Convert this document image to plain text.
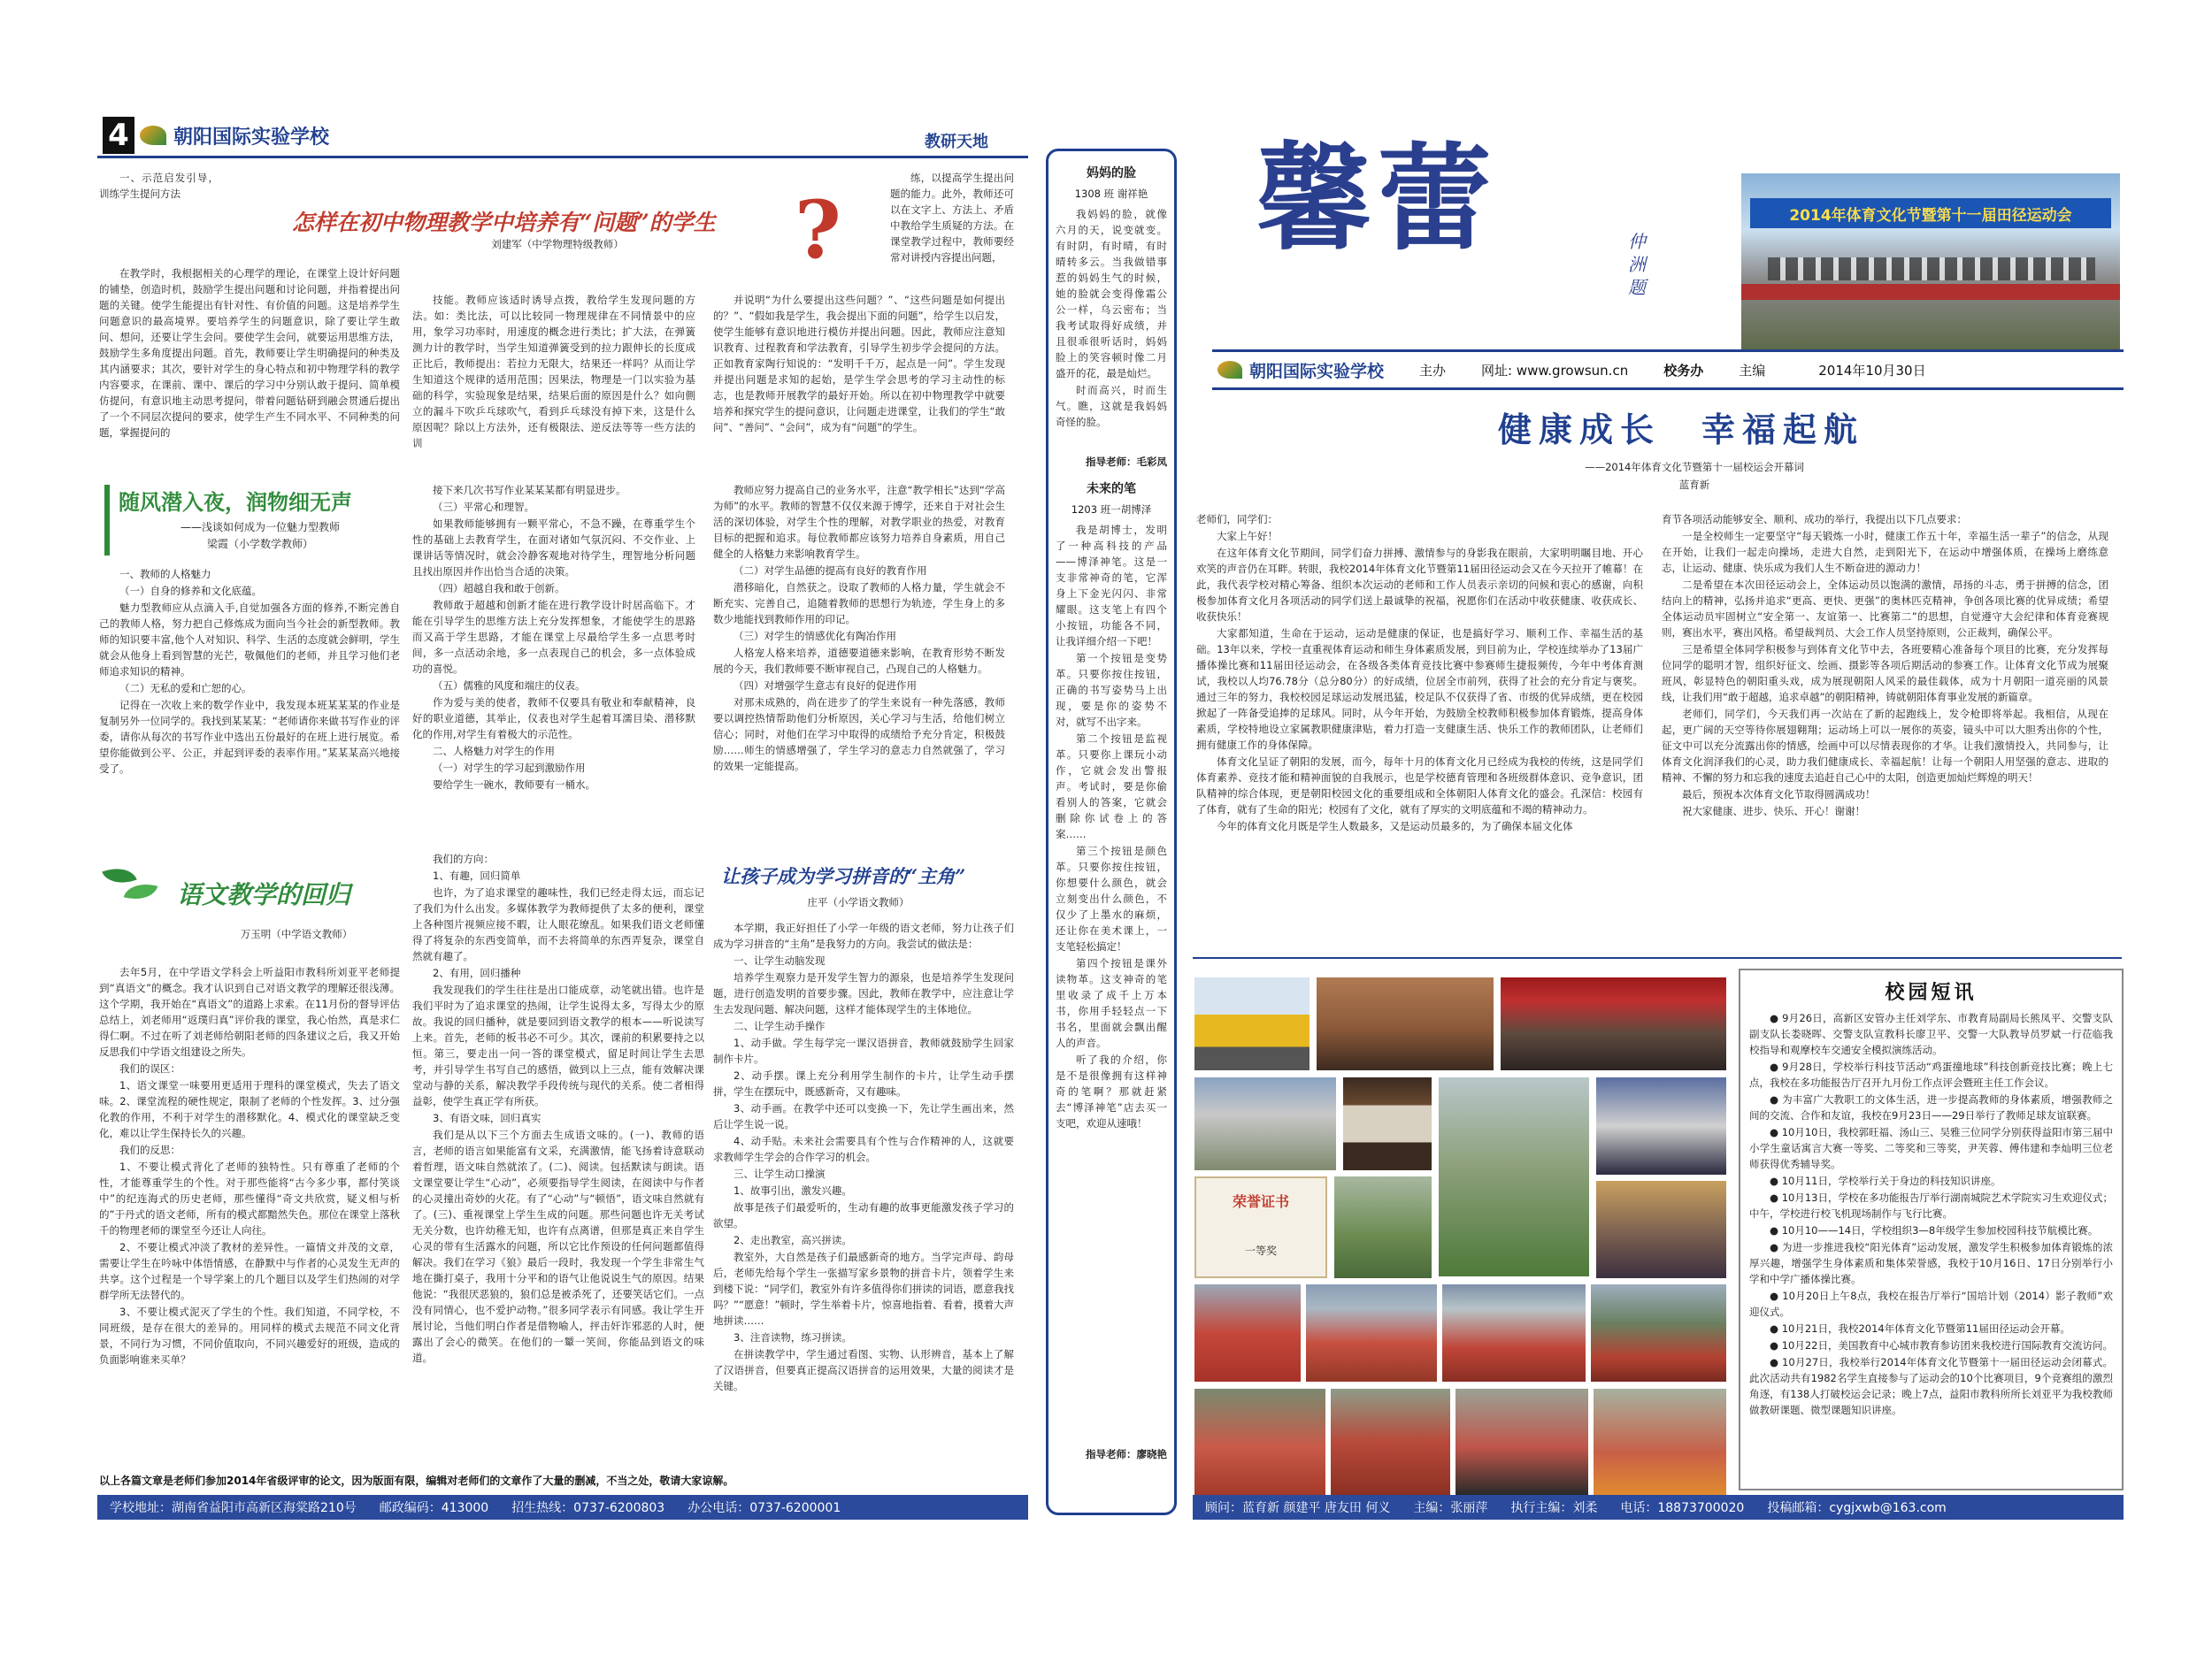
4 朝阳国际实验学校	教研天地

一、示范启发引导，训练学生提问方法

怎样在初中物理教学中培养有“问题”的学生 ?
刘建军（中学物理特级教师）

在教学时，我根据相关的心理学的理论，在课堂上设计好问题的铺垫，创造时机，鼓励学生提出问题和讨论问题，并指着提出问题的关键。使学生能提出有针对性、有价值的问题。这是培养学生问题意识的最高境界。要培养学生的问题意识，除了要让学生敢问、想问，还要让学生会问。要使学生会问，就要运用思维方法，鼓励学生多角度提出问题。首先，教师要让学生明确提问的种类及其内涵要求；其次，要针对学生的身心特点和初中物理学科的教学内容要求，在课前、课中、课后的学习中分别认敢于提问、简单模仿提问，有意识地主动思考提问，带着问题钻研到融会贯通后提出了一个不同层次提问的要求，使学生产生不同水平、不同种类的问题，掌握提问的

技能。教师应该适时诱导点拨，教给学生发现问题的方法。如：类比法，可以比较同一物理规律在不同情景中的应用，象学习功率时，用速度的概念进行类比；扩大法，在弹簧测力计的教学时，当学生知道弹簧受到的拉力跟伸长的长度成正比后，教师提出：若拉力无限大，结果还一样吗？从而让学生知道这个规律的适用范围；因果法，物理是一门以实验为基础的科学，实验现象是结果，结果后面的原因是什么？如向側立的漏斗下吹乒乓球吹气，看到乒乓球没有掉下来，这是什么原因呢？除以上方法外，还有极限法、逆反法等等一些方法的训

并说明“为什么要提出这些问题？”、“这些问题是如何提出的？”、“假如我是学生，我会提出下面的问题”，给学生以启发，使学生能够有意识地进行模仿并提出问题。因此，教师应注意知识教育、过程教育和学法教育，引导学生初步学会提问的方法。正如教育家陶行知说的：“发明千千万，起点是一问”。学生发现并提出问题是求知的起始，是学生学会思考的学习主动性的标志，也是教师开展教学的最好开始。所以在初中物理教学中就要培养和探究学生的提问意识，让问题走进课堂，让我们的学生“敢问”、“善问”、“会问”，成为有“问题”的学生。

练，以提高学生提出问题的能力。此外，教师还可以在文字上、方法上、矛盾中教给学生质疑的方法。在课堂教学过程中，教师要经常对讲授内容提出问题，

随风潜入夜，润物细无声
——浅谈如何成为一位魅力型教师
梁霞（小学数学教师）

一、教师的人格魅力

（一）自身的修养和文化底蕴。

魅力型教师应从点滴入手,自觉加强各方面的修养,不断完善自己的教师人格，努力把自己修炼成为面向当今社会的新型教师。教师的知识要丰富,他个人对知识、科学、生活的态度就会鲜明，学生就会从他身上看到智慧的光芒，敬佩他们的老师，并且学习他们老师追求知识的精神。

（二）无私的爱和亡恕的心。

记得在一次收上来的数学作业中，我发现本班某某某的作业是复制另外一位同学的。我找到某某某：“老师请你来做书写作业的评委，请你从每次的书写作业中选出五份最好的在班上进行展览。希望你能做到公平、公正，并起到评委的表率作用。”某某某高兴地接受了。

接下来几次书写作业某某某都有明显进步。

（三）平常心和理智。

如果教师能够拥有一颗平常心，不急不躁，在尊重学生个性的基础上去教育学生，在面对诸如气氛沉闷、不交作业、上课讲话等情况时，就会冷静客观地对待学生，理智地分析问题且找出原因并作出恰当合适的决策。

（四）超越自我和敢于创新。

教师敢于超越和创新才能在进行教学设计时居高临下。才能在引导学生的思维方法上充分发挥想象，才能使学生的思路而又高于学生思路，才能在课堂上尽最给学生多一点思考时间，多一点活动余地，多一点表现自己的机会，多一点体验成功的喜悦。

（五）儒雅的风度和端庄的仪表。

作为爱与美的使者，教师不仅要具有敬业和奉献精神，良好的职业道德，其举止，仪表也对学生起着耳濡目染、潜移默化的作用,对学生有着极大的示范性。

二、人格魅力对学生的作用

（一）对学生的学习起到激励作用

要给学生一碗水，教师要有一桶水。

教师应努力提高自己的业务水平，注意“教学相长”达到“学高为师”的水平。教师的智慧不仅仅来源于博学，还来自于对社会生活的深切体验，对学生个性的理解，对教学职业的热爱，对教育目标的把握和追求。每位教师都应该努力培养自身素质，用自己健全的人格魅力来影响教育学生。

（二）对学生品德的提高有良好的教育作用

潜移暗化，自然获之。设取了教师的人格力量，学生就会不断充实、完善自己，追随着教师的思想行为轨迹，学生身上的多数少地能找到教师作用的印记。

（三）对学生的情感优化有陶冶作用

人格宠人格来培养，道德要道德来影响，在教育形势不断发展的今天，我们教师要不断审视自己，凸现自己的人格魅力。

（四）对增强学生意志有良好的促进作用

对那未成熟的，尚在进步了的学生来说有一种先落感，教师要以调控热情帮助他们分析原因，关心学习与生活，给他们树立信心；同时，对他们在学习中取得的成绩给予充分肯定，积极鼓励……师生的情感增强了，学生学习的意志力自然就强了，学习的效果一定能提高。

语文教学的回归
万玉明（中学语文教师）

去年5月，在中学语文学科会上听益阳市教科所刘亚平老师提到“真语文”的概念。我才认识到自己对语文教学的理解还很浅薄。这个学期，我开始在“真语文”的道路上求索。在11月份的督导评估总结上，刘老师用“返璞归真”评价我的课堂，我心怡然，真是求仁得仁啊。不过在听了刘老师给朝阳老师的四条建议之后，我又开始反思我们中学语文组建设之所失。

我们的误区：

1、语文课堂一味要用更适用于理科的课堂模式，失去了语文味。2、课堂流程的硬性规定，限制了老师的个性发挥。3、过分强化教的作用，不利于对学生的潜移默化。4、模式化的课堂缺乏变化，难以让学生保持长久的兴趣。

我们的反思：

1、不要让模式背化了老师的独特性。只有尊重了老师的个性，才能尊重学生的个性。对于那些能将“古今多少事，都付笑谈中”的纪连海式的历史老师，那些懂得“奇文共欣赏，疑义相与析的”于丹式的语文老师，所有的模式都黯然失色。那位在课堂上落秋千的物理老师的课堂至今还让人向往。

2、不要让模式冲淡了教材的差异性。一篇情文并茂的文章，需要让学生在吟咏中体悟情感，在静默中与作者的心灵发生无声的共享。这个过程是一个导学案上的几个题目以及学生们热闹的对学群学所无法替代的。

3、不要让模式泥灭了学生的个性。我们知道，不同学校，不同班级，是存在很大的差异的。用同样的模式去规范不同文化背景，不同行为习惯，不同价值取向，不同兴趣爱好的班级，造成的负面影响谁来买单？

我们的方向：

1、有趣，回归简单

也许，为了追求课堂的趣味性，我们已经走得太远，而忘记了我们为什么出发。多媒体教学为教师提供了太多的便利，课堂上各种图片视频应接不暇，让人眼花缭乱。如果我们语文老师懂得了将复杂的东西变简单，而不去将简单的东西弄复杂，课堂自然就有趣了。

2、有用，回归播种

我发现我们的学生往往是出口能成章，动笔就出错。也许是我们平时为了追求课堂的热闹，让学生说得太多，写得太少的原故。我说的回归播种，就是要回到语文教学的根本——听说读写上来。首先，老师的板书必不可少。其次，课前的积累要持之以恒。第三，要走出一问一答的课堂模式，留足时间让学生去思考，并引导学生书写自己的感悟，做到以上三点，能有效解决课堂动与静的关系，解决教学手段传统与现代的关系。使二者相得益彰，使学生真正学有所获。

3、有语文味，回归真实

我们是从以下三个方面去生成语文味的。(一)、教师的语言，老师的语言如果能富有文采，充满激情，能飞扬着诗意联动着哲理，语文味自然就浓了。(二)、阅读。包括默读与朗读。语文课堂要让学生“心动”，必须要指导学生阅读，在阅读中与作者的心灵撞出奇妙的火花。有了“心动”与“顿悟”，语文味自然就有了。(三)、重视课堂上学生生成的问题。那些问题也许无关考试无关分数，也许幼稚无知，也许有点离谱，但那是真正来自学生心灵的带有生活露水的问题，所以它比作预设的任何问题都值得解决。我们在学习《狼》最后一段时，我发现一个学生非常生气地在撕打桌子，我用十分平和的语气让他说说生气的原因。结果他说：“我很厌恶狼的，狼们总是被杀死了，还要笑话它们。一点没有同情心，也不爱护动物。”很多同学表示有同感。我让学生开展讨论，当他们明白作者是借物喻人，抨击奸诈邪恶的人时，便露出了会心的微笑。在他们的一颦一笑间，你能品到语文的味道。

让孩子成为学习拼音的“主角”
庄平（小学语文教师）

本学期，我正好担任了小学一年级的语文老师，努力让孩子们成为学习拼音的“主角”是我努力的方向。我尝试的做法是：

一、让学生动脑发现

培养学生观察力是开发学生智力的源泉，也是培养学生发现问题，进行创造发明的首要步骤。因此，教师在教学中，应注意让学生去发现问题、解决问题，这样才能体现学生的主体地位。

二、让学生动手操作

1、动手做。学生每学完一课汉语拼音，教师就鼓励学生回家制作卡片。

2、动手摆。课上充分利用学生制作的卡片，让学生动手摆拼，学生在摆玩中，既感新奇，又有趣味。

3、动手画。在教学中还可以变换一下，先让学生画出来，然后让学生说一说。

4、动手贴。未来社会需要具有个性与合作精神的人，这就要求教师学生学会的合作学习的机会。

三、让学生动口操演

1、故事引出，激发兴趣。

故事是孩子们最爱听的，生动有趣的故事更能激发孩子学习的欲望。

2、走出教室，高兴拼读。

教室外，大自然是孩子们最感新奇的地方。当学完声母、韵母后，老师先给每个学生一张描写家乡景物的拼音卡片，领着学生来到楼下说：“同学们，教室外有许多值得你们拼读的词语，愿意我找吗？”“愿意！”顿时，学生举着卡片，惊喜地指着、看着，摸着大声地拼读……

3、注音读物，练习拼读。

在拼读教学中，学生通过看图、实物、认形辨音，基本上了解了汉语拼音，但要真正提高汉语拼音的运用效果，大量的阅读才是关键。

以上各篇文章是老师们参加2014年省级评审的论文，因为版面有限，编辑对老师们的文章作了大量的删减，不当之处，敬请大家谅解。
学校地址：湖南省益阳市高新区海棠路210号 邮政编码：413000 招生热线：0737-6200803 办公电话：0737-6200001
妈妈的脸
1308 班 谢祥艳

我妈妈的脸，就像六月的天，说变就变。有时阴，有时晴，有时晴转多云。当我做错事惹的妈妈生气的时候，她的脸就会变得像霜公公一样，乌云密布；当我考试取得好成绩，并且很乖很听话时，妈妈脸上的笑容顿时像二月盛开的花，最是灿烂。

时而高兴，时而生气。瞧，这就是我妈妈奇怪的脸。

指导老师：毛彩凤
未来的笔
1203 班一胡博泽

我是胡博士，发明了一种高科技的产品——博泽神笔。这是一支非常神奇的笔，它浑身上下金光闪闪、非常耀眼。这支笔上有四个小按钮，功能各不同，让我详细介绍一下吧！

第一个按钮是变势革。只要你按住按钮，正确的书写姿势马上出现，要是你的姿势不对，就写不出字来。

第二个按钮是监视革。只要你上课玩小动作，它就会发出警报声。考试时，要是你偷看别人的答案，它就会删除你试卷上的答案……

第三个按钮是颜色革。只要你按住按钮，你想要什么颜色，就会立刻变出什么颜色，不仅少了上墨水的麻烦，还让你在美术课上，一支笔轻松搞定！

第四个按钮是课外读物革。这支神奇的笔里收录了成千上万本书，你用手轻轻点一下书名，里面就会飘出醒人的声音。

听了我的介绍，你是不是很像拥有这样神奇的笔啊？那就赶紧去“博泽神笔”店去买一支吧，欢迎从速哦！

指导老师：廖晓艳
馨蕾	仲洲题
2014年体育文化节暨第十一届田径运动会
朝阳国际实验学校	主办	网址: www.growsun.cn	校务办	主编	2014年10月30日
健康成长　幸福起航
——2014年体育文化节暨第十一届校运会开幕词
蓝育新

老师们，同学们：

大家上午好！

在这年体育文化节期间，同学们奋力拼搏、激情参与的身影我在眼前，大家明明瞩目地、开心欢笑的声音仍在耳畔。转眼，我校2014年体育文化节暨第11届田径运动会又在今天拉开了帷幕！在此，我代表学校对精心筹备、组织本次运动的老师和工作人员表示亲切的问候和衷心的感谢，向积极参加体育文化月各项活动的同学们送上最诚挚的祝福，祝愿你们在活动中收获健康、收获成长、收获快乐！

大家都知道，生命在于运动，运动是健康的保证，也是搞好学习、顺利工作、幸福生活的基础。13年以来，学校一直重视体育运动和师生身体素质发展，到目前为止，学校连续举办了13届广播体操比赛和11届田径运动会，在各级各类体育竞技比赛中参赛师生捷报频传，今年中考体育测试，我校以人均76.78分（总分80分）的好成绩，位居全市前列，获得了社会的充分肯定与褒奖。通过三年的努力，我校校园足球运动发展迅猛，校足队不仅获得了省、市级的优异成绩，更在校园掀起了一阵备受追捧的足球风。同时，从今年开始，为鼓励全校教师积极参加体育锻炼，提高身体素质，学校特地设立家属教职健康津贴，着力打造一支健康生活、快乐工作的教师团队，让老师们拥有健康工作的身体保障。

体育文化呈证了朝阳的发展，而今，每年十月的体育文化月已经成为我校的传统，这是同学们体育素养、竞技才能和精神面貌的自我展示，也是学校德育管理和各班级群体意识、竞争意识，团队精神的综合体现，更是朝阳校园文化的重要组成和全体朝阳人体育文化的盛会。孔深信：校园有了体育，就有了生命的阳光；校园有了文化，就有了厚实的文明底蕴和不竭的精神动力。

今年的体育文化月既是学生人数最多，又是运动员最多的，为了确保本届文化体

育节各项活动能够安全、顺利、成功的举行，我提出以下几点要求：

一是全校师生一定要坚守“每天锻炼一小时，健康工作五十年，幸福生活一辈子”的信念，从现在开始，让我们一起走向操场，走进大自然，走到阳光下，在运动中增强体质，在操场上磨练意志，让运动、健康、快乐成为我们人生不断奋进的源动力！

二是希望在本次田径运动会上，全体运动员以饱满的激情，昂扬的斗志，勇于拼搏的信念，团结向上的精神，弘扬并追求“更高、更快、更强”的奥林匹克精神，争创各项比赛的优异成绩；希望全体运动员牢固树立“安全第一、友谊第一、比赛第二”的思想，自觉遵守大会纪律和体育竞赛规则，赛出水平，赛出风格。希望裁判员、大会工作人员坚持原则，公正裁判，确保公平。

三是希望全体同学积极参与到体育文化节中去，各班要精心准备每个项目的比赛，充分发挥每位同学的聪明才智，组织好征文、绘画、摄影等各项后期活动的参赛工作。让体育文化节成为展聚班风，彰显特色的朝阳重头戏，成为展现朝阳人风采的最佳载体，成为十月朝阳一道亮丽的风景线，让我们用“敢于超越，追求卓越”的朝阳精神，铸就朝阳体育事业发展的新篇章。

老师们，同学们，今天我们再一次站在了新的起跑线上，发令枪即将举起。我相信，从现在起，更广阔的天空等待你展翅翱翔；运动场上可以一展你的英姿，镜头中可以大胆秀出你的个性，征文中可以充分流露出你的情感，绘画中可以尽情表现你的才华。让我们激情投入，共同参与，让体育文化润泽我们的心灵，助力我们健康成长、幸福起航！让每一个朝阳人用坚强的意志、进取的精神、不懈的努力和忘我的速度去追赶自己心中的太阳，创造更加灿烂辉煌的明天！

最后，预祝本次体育文化节取得圆满成功！

祝大家健康、进步、快乐、开心！谢谢！

荣誉证书
一等奖
校园短讯

● 9月26日，高新区安管办主任刘学东、市教育局副局长熊凤平、交警支队副支队长娄晓晖、交警支队宣教科长廖卫平、交警一大队教导员罗斌一行莅临我校指导和观摩校车交通安全模拟演练活动。

● 9月28日，学校举行科技节活动“鸡蛋撞地球”科技创新竞技比赛；晚上七点，我校在多功能报告厅召开九月份工作点评会暨班主任工作会议。

● 为丰富广大教职工的文体生活，进一步提高教师的身体素质，增强教师之间的交流、合作和友谊，我校在9月23日——29日举行了教师足球友谊联赛。

● 10月10日，我校郭旺福、汤山三、吴雅三位同学分别获得益阳市第三届中小学生童话寓言大赛一等奖、二等奖和三等奖，尹芙蓉、傅伟建和李灿明三位老师获得优秀辅导奖。

● 10月11日，学校举行关于身边的科技知识讲座。

● 10月13日，学校在多功能报告厅举行湖南城院艺术学院实习生欢迎仪式；中午，学校进行校飞机现场制作与飞行比赛。

● 10月10——14日，学校组织3—8年级学生参加校园科技节航模比赛。

● 为进一步推进我校“阳光体育”运动发展，激发学生积极参加体育锻炼的浓厚兴趣，增强学生身体素质和集体荣誉感，我校于10月16日、17日分别举行小学和中学广播体操比赛。

● 10月20日上午8点，我校在报告厅举行“国培计划（2014）影子教师”欢迎仪式。

● 10月21日，我校2014年体育文化节暨第11届田径运动会开幕。

● 10月22日，美国教育中心城市教育参访团来我校进行国际教育交流访问。

● 10月27日，我校举行2014年体育文化节暨第十一届田径运动会闭幕式。此次活动共有1982名学生直接参与了运动会的10个比赛项目，9个竞赛组的激烈角逐，有138人打破校运会记录；晚上7点，益阳市教科所所长刘亚平为我校教师做教研课题、微型课题知识讲座。

顾问：蓝育新 颜建平 唐友田 何义 主编：张丽萍 执行主编：刘柔 电话：18873700020 投稿邮箱：cygjxwb@163.com
